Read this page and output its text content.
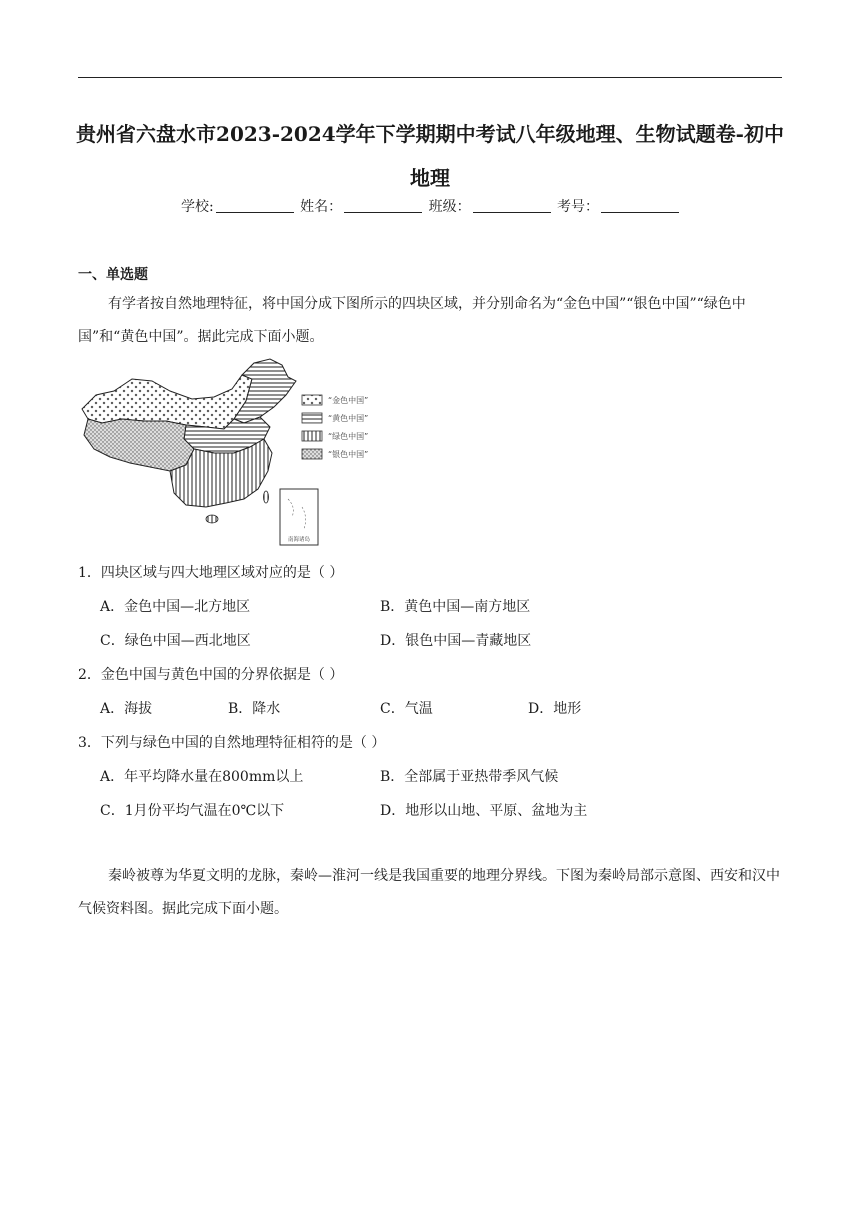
贵州省六盘水市2023-2024学年下学期期中考试八年级地理、生物试题卷-初中地理
学校:	姓名：	班级：	考号：
一、单选题
有学者按自然地理特征，将中国分成下图所示的四块区域，并分别命名为“金色中国”“银色中国”“绿色中国”和“黄色中国”。据此完成下面小题。
南海诸岛
“金色中国”
“黄色中国”
“绿色中国”
“银色中国”
1．四块区域与四大地理区域对应的是（ ）
A．金色中国—北方地区	B．黄色中国—南方地区
C．绿色中国—西北地区	D．银色中国—青藏地区
2．金色中国与黄色中国的分界依据是（ ）
A．海拔	B．降水	C．气温	D．地形
3．下列与绿色中国的自然地理特征相符的是（ ）
A．年平均降水量在800mm以上	B．全部属于亚热带季风气候
C．1月份平均气温在0℃以下	D．地形以山地、平原、盆地为主
秦岭被尊为华夏文明的龙脉，秦岭—淮河一线是我国重要的地理分界线。下图为秦岭局部示意图、西安和汉中气候资料图。据此完成下面小题。
